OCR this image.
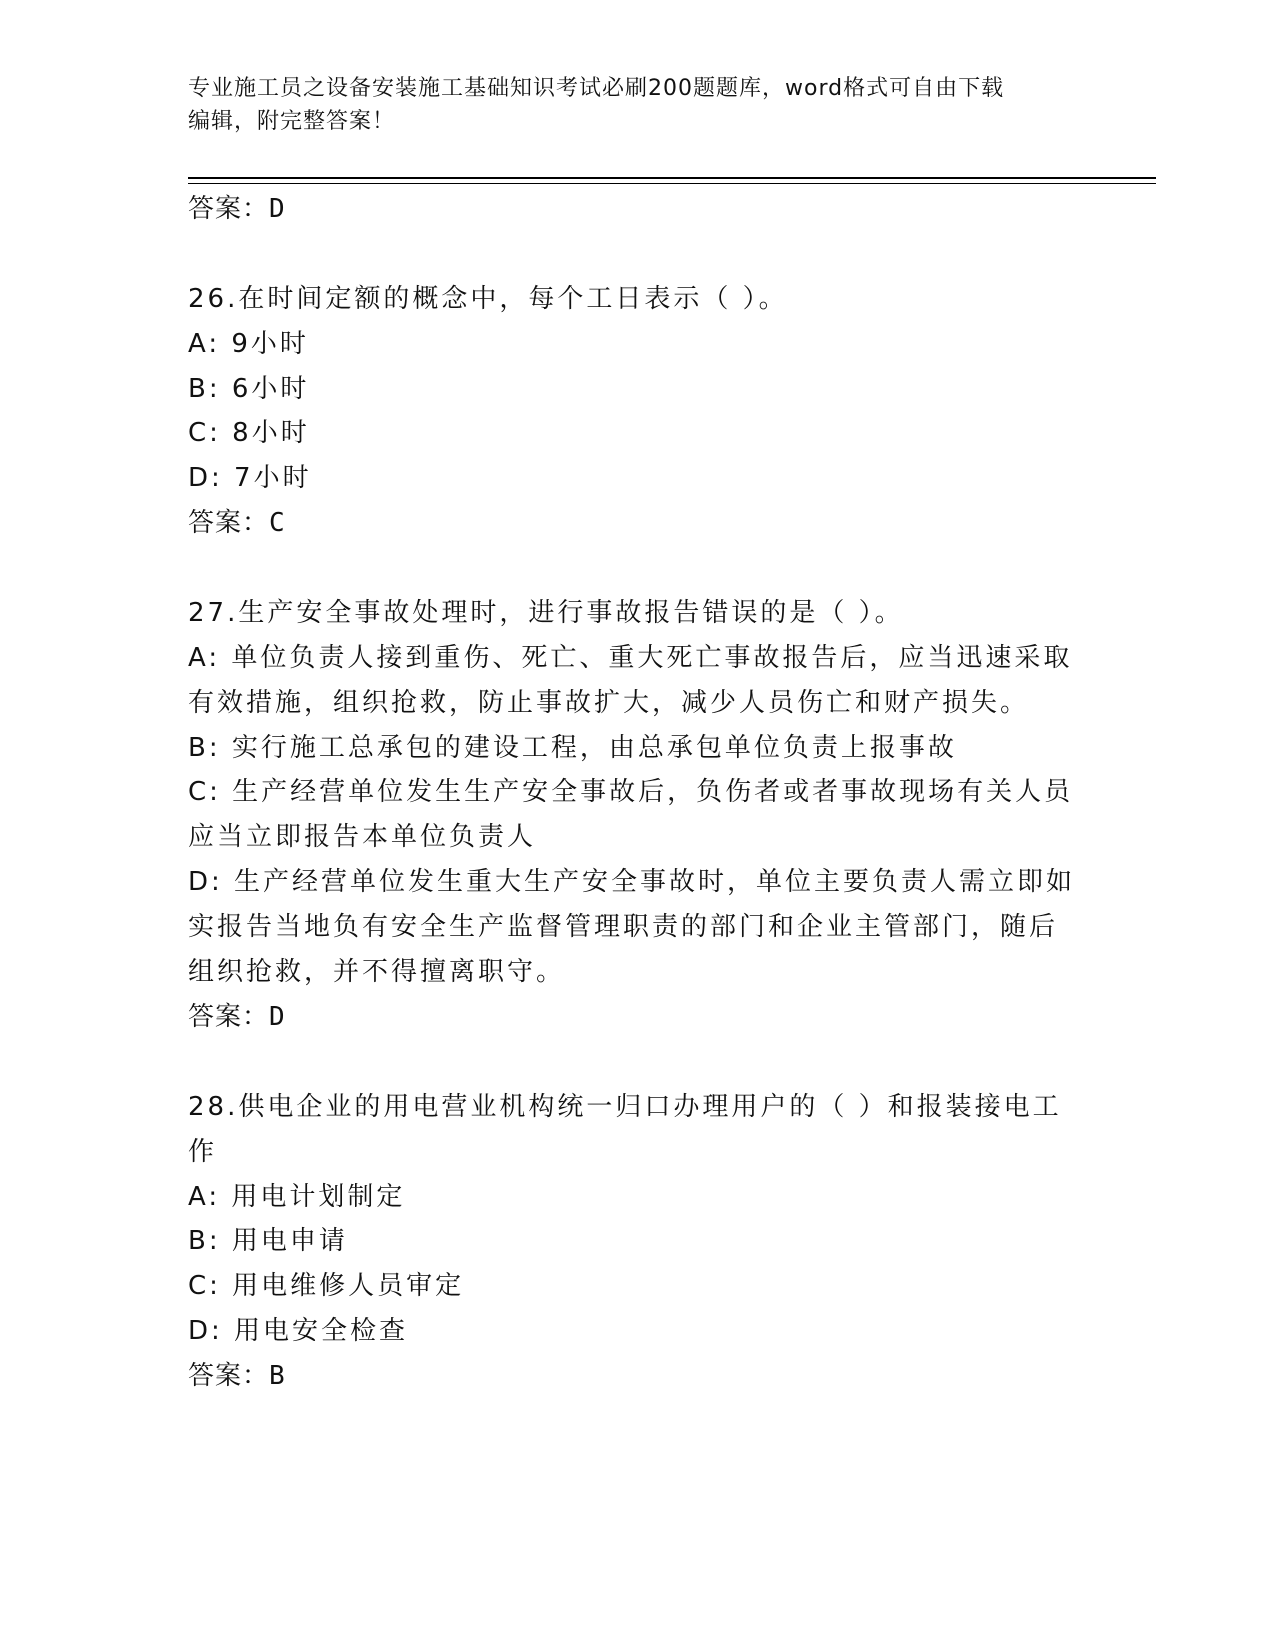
专业施工员之设备安装施工基础知识考试必刷200题题库，word格式可自由下载
编辑，附完整答案！
答案：D
26.在时间定额的概念中，每个工日表示（ ）。
A: 9小时
B: 6小时
C: 8小时
D: 7小时
答案：C
27.生产安全事故处理时，进行事故报告错误的是（ ）。
A: 单位负责人接到重伤、死亡、重大死亡事故报告后，应当迅速采取
有效措施，组织抢救，防止事故扩大，减少人员伤亡和财产损失。
B: 实行施工总承包的建设工程，由总承包单位负责上报事故
C: 生产经营单位发生生产安全事故后，负伤者或者事故现场有关人员
应当立即报告本单位负责人
D: 生产经营单位发生重大生产安全事故时，单位主要负责人需立即如
实报告当地负有安全生产监督管理职责的部门和企业主管部门，随后
组织抢救，并不得擅离职守。
答案：D
28.供电企业的用电营业机构统一归口办理用户的（ ）和报装接电工
作
A: 用电计划制定
B: 用电申请
C: 用电维修人员审定
D: 用电安全检查
答案：B
